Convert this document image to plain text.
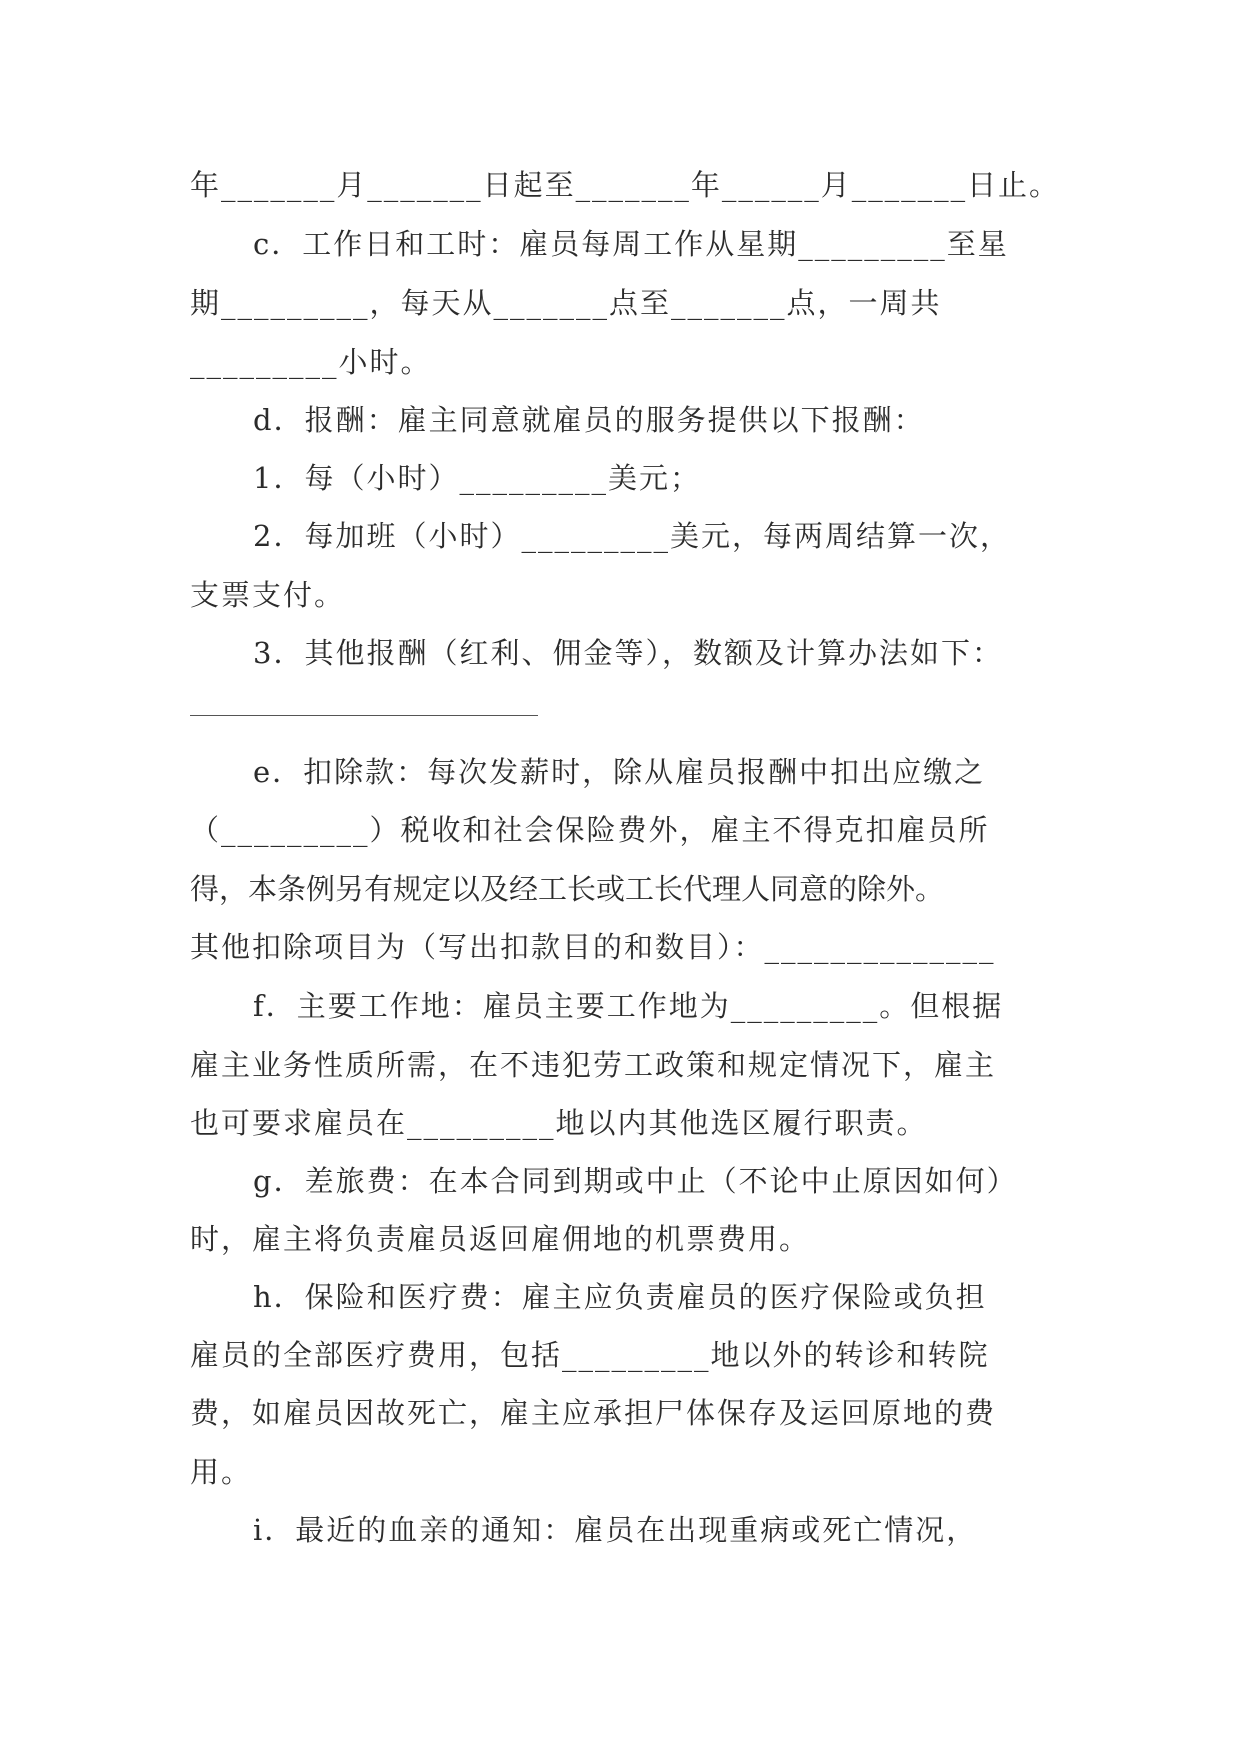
年_______月_______日起至_______年______月_______日止。
c．工作日和工时：雇员每周工作从星期_________至星
期_________，每天从_______点至_______点，一周共
_________小时。
d．报酬：雇主同意就雇员的服务提供以下报酬：
1．每（小时）_________美元；
2．每加班（小时）_________美元，每两周结算一次，
支票支付。
3．其他报酬（红利、佣金等），数额及计算办法如下：
e．扣除款：每次发薪时，除从雇员报酬中扣出应缴之
（_________）税收和社会保险费外，雇主不得克扣雇员所
得，本条例另有规定以及经工长或工长代理人同意的除外。
其他扣除项目为（写出扣款目的和数目）：______________
f．主要工作地：雇员主要工作地为_________。但根据
雇主业务性质所需，在不违犯劳工政策和规定情况下，雇主
也可要求雇员在_________地以内其他选区履行职责。
g．差旅费：在本合同到期或中止（不论中止原因如何）
时，雇主将负责雇员返回雇佣地的机票费用。
h．保险和医疗费：雇主应负责雇员的医疗保险或负担
雇员的全部医疗费用，包括_________地以外的转诊和转院
费，如雇员因故死亡，雇主应承担尸体保存及运回原地的费
用。
i．最近的血亲的通知：雇员在出现重病或死亡情况，
